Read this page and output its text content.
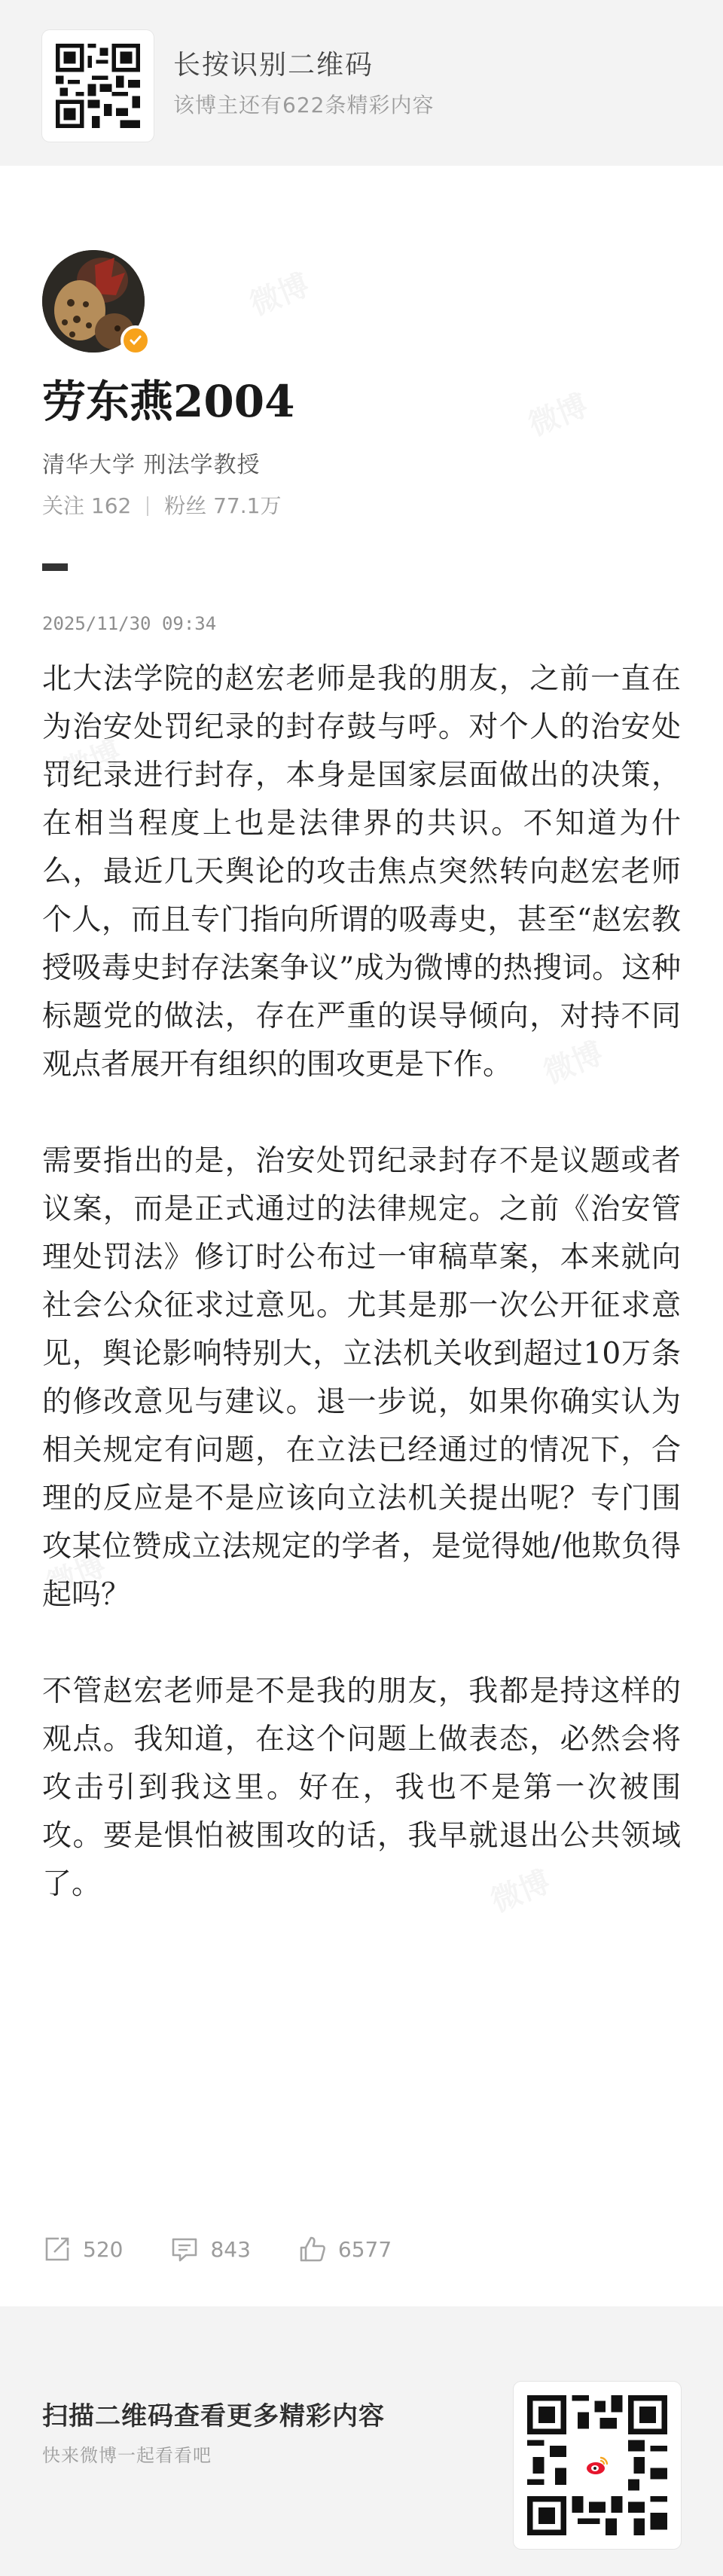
长按识别二维码
该博主还有622条精彩内容
劳东燕2004
清华大学 刑法学教授
关注 162 粉丝 77.1万
2025/11/30 09:34

北大法学院的赵宏老师是我的朋友，之前一直在为治安处罚纪录的封存鼓与呼。对个人的治安处罚纪录进行封存，本身是国家层面做出的决策，在相当程度上也是法律界的共识。不知道为什么，最近几天舆论的攻击焦点突然转向赵宏老师个人，而且专门指向所谓的吸毒史，甚至“赵宏教授吸毒史封存法案争议”成为微博的热搜词。这种标题党的做法，存在严重的误导倾向，对持不同观点者展开有组织的围攻更是下作。

需要指出的是，治安处罚纪录封存不是议题或者议案，而是正式通过的法律规定。之前《治安管理处罚法》修订时公布过一审稿草案，本来就向社会公众征求过意见。尤其是那一次公开征求意见，舆论影响特别大，立法机关收到超过10万条的修改意见与建议。退一步说，如果你确实认为相关规定有问题，在立法已经通过的情况下，合理的反应是不是应该向立法机关提出呢？专门围攻某位赞成立法规定的学者，是觉得她/他欺负得起吗？

不管赵宏老师是不是我的朋友，我都是持这样的观点。我知道，在这个问题上做表态，必然会将攻击引到我这里。好在，我也不是第一次被围攻。要是惧怕被围攻的话，我早就退出公共领域了。

520	843	6577
扫描二维码查看更多精彩内容
快来微博一起看看吧
